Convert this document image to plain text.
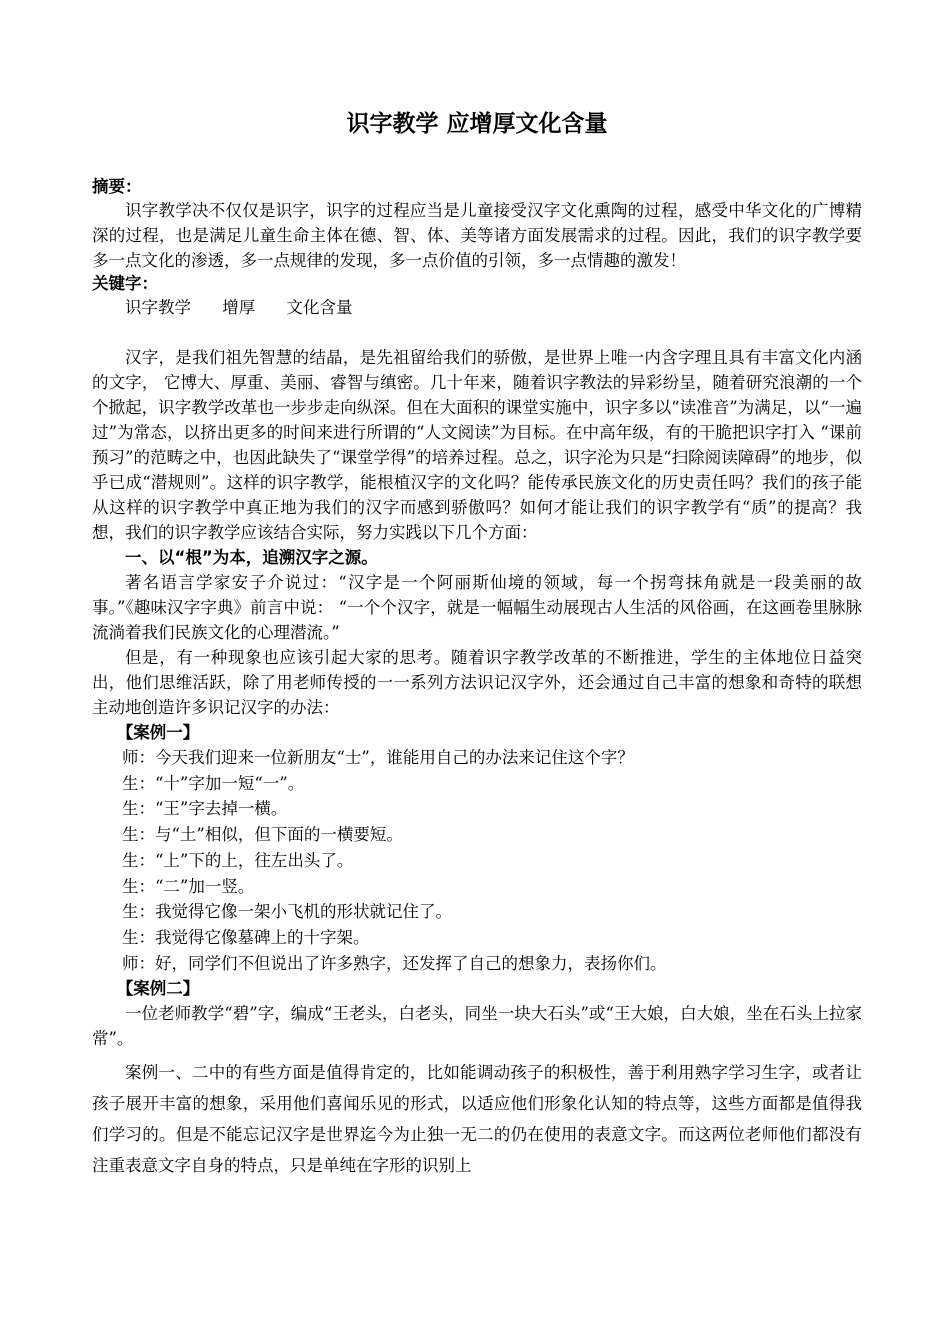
识字教学 应增厚文化含量
摘要：

识字教学决不仅仅是识字，识字的过程应当是儿童接受汉字文化熏陶的过程，感受中华文化的广博精深的过程，也是满足儿童生命主体在德、智、体、美等诸方面发展需求的过程。因此，我们的识字教学要多一点文化的渗透，多一点规律的发现，多一点价值的引领，多一点情趣的激发！

关键字：
识字教学 增厚 文化含量

汉字，是我们祖先智慧的结晶，是先祖留给我们的骄傲，是世界上唯一内含字理且具有丰富文化内涵的文字， 它博大、厚重、美丽、睿智与缜密。几十年来，随着识字教法的异彩纷呈，随着研究浪潮的一个个掀起，识字教学改革也一步步走向纵深。但在大面积的课堂实施中，识字多以“读准音”为满足，以“一遍过”为常态，以挤出更多的时间来进行所谓的“人文阅读”为目标。在中高年级，有的干脆把识字打入 “课前预习”的范畴之中，也因此缺失了“课堂学得”的培养过程。总之，识字沦为只是“扫除阅读障碍”的地步，似乎已成“潜规则”。这样的识字教学，能根植汉字的文化吗？能传承民族文化的历史责任吗？我们的孩子能从这样的识字教学中真正地为我们的汉字而感到骄傲吗？如何才能让我们的识字教学有“质”的提高？我想，我们的识字教学应该结合实际，努力实践以下几个方面：

一、以“根”为本，追溯汉字之源。

著名语言学家安子介说过：“汉字是一个阿丽斯仙境的领域，每一个拐弯抹角就是一段美丽的故事。”《趣味汉字字典》前言中说： “一个个汉字，就是一幅幅生动展现古人生活的风俗画，在这画卷里脉脉流淌着我们民族文化的心理潜流。”

但是，有一种现象也应该引起大家的思考。随着识字教学改革的不断推进，学生的主体地位日益突出，他们思维活跃，除了用老师传授的一一系列方法识记汉字外，还会通过自己丰富的想象和奇特的联想主动地创造许多识记汉字的办法：

【案例一】
师：今天我们迎来一位新朋友“士”，谁能用自己的办法来记住这个字？
生：“十”字加一短“一”。
生：“王”字去掉一横。
生：与“土”相似，但下面的一横要短。
生：“上”下的上，往左出头了。
生：“二”加一竖。
生：我觉得它像一架小飞机的形状就记住了。
生：我觉得它像墓碑上的十字架。
师：好，同学们不但说出了许多熟字，还发挥了自己的想象力，表扬你们。
【案例二】

一位老师教学“碧”字，编成“王老头，白老头，同坐一块大石头”或“王大娘，白大娘，坐在石头上拉家常”。

案例一、二中的有些方面是值得肯定的，比如能调动孩子的积极性，善于利用熟字学习生字，或者让孩子展开丰富的想象，采用他们喜闻乐见的形式，以适应他们形象化认知的特点等，这些方面都是值得我们学习的。但是不能忘记汉字是世界迄今为止独一无二的仍在使用的表意文字。而这两位老师他们都没有注重表意文字自身的特点，只是单纯在字形的识别上
